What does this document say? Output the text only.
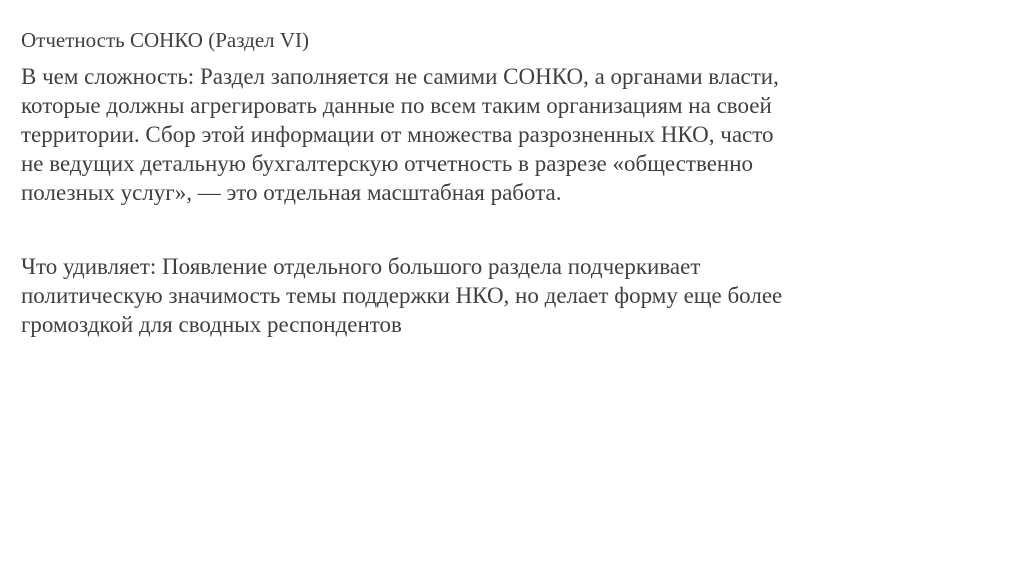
Отчетность СОНКО (Раздел VI)

В чем сложность: Раздел заполняется не самими СОНКО, а органами власти,
которые должны агрегировать данные по всем таким организациям на своей
территории. Сбор этой информации от множества разрозненных НКО, часто
не ведущих детальную бухгалтерскую отчетность в разрезе «общественно
полезных услуг», — это отдельная масштабная работа.

Что удивляет: Появление отдельного большого раздела подчеркивает
политическую значимость темы поддержки НКО, но делает форму еще более
громоздкой для сводных респондентов
